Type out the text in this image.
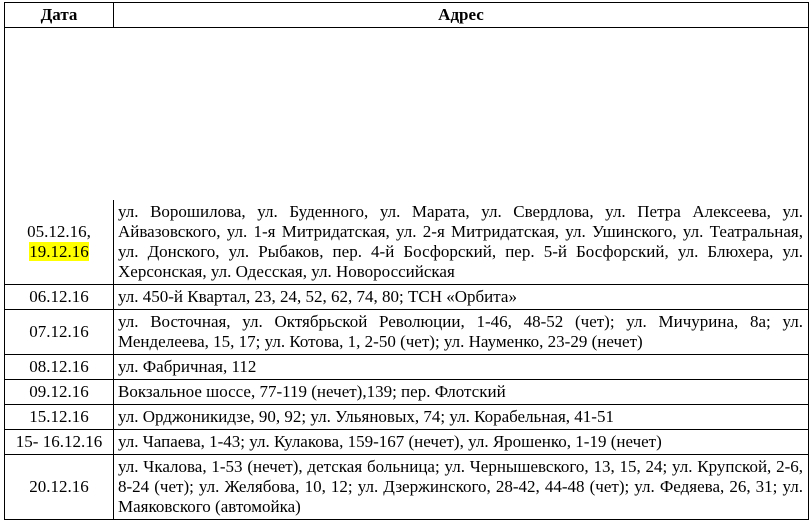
Дата	Адрес

05.12.16,
19.12.16	ул. Ворошилова, ул. Буденного, ул. Марата, ул. Свердлова, ул. Петра Алексеева, ул. Айвазовского, ул. 1-я Митридатская, ул. 2-я Митридатская, ул. Ушинского, ул. Театральная, ул. Донского, ул. Рыбаков, пер. 4-й Босфорский, пер. 5-й Босфорский, ул. Блюхера, ул. Херсонская, ул. Одесская, ул. Новороссийская

06.12.16	ул. 450-й Квартал, 23, 24, 52, 62, 74, 80; ТСН «Орбита»

07.12.16	ул. Восточная, ул. Октябрьской Революции, 1-46, 48-52 (чет); ул. Мичурина, 8а; ул. Менделеева, 15, 17; ул. Котова, 1, 2-50 (чет); ул. Науменко, 23-29 (нечет)

08.12.16	ул. Фабричная, 112

09.12.16	Вокзальное шоссе, 77-119 (нечет),139; пер. Флотский

15.12.16	ул. Орджоникидзе, 90, 92; ул. Ульяновых, 74; ул. Корабельная, 41-51

15- 16.12.16	ул. Чапаева, 1-43; ул. Кулакова, 159-167 (нечет), ул. Ярошенко, 1-19 (нечет)

20.12.16	ул. Чкалова, 1-53 (нечет), детская больница; ул. Чернышевского, 13, 15, 24; ул. Крупской, 2-6, 8-24 (чет); ул. Желябова, 10, 12; ул. Дзержинского, 28-42, 44-48 (чет); ул. Федяева, 26, 31; ул. Маяковского (автомойка)
